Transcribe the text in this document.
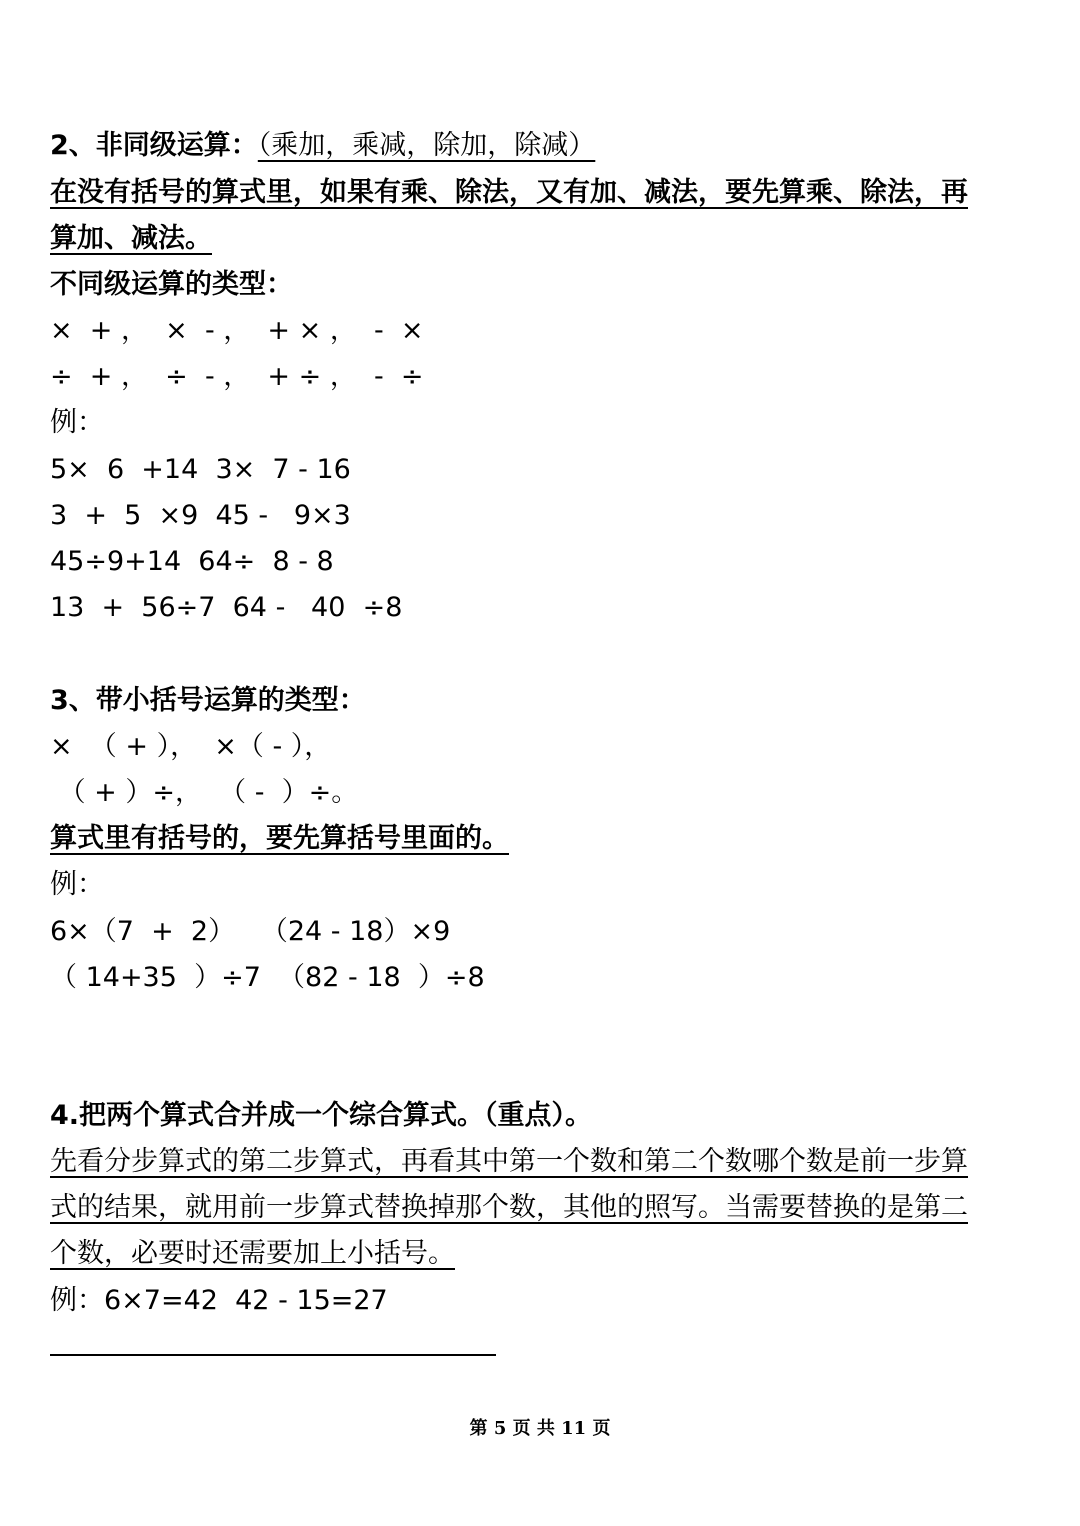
2、非同级运算：（乘加，乘减，除加，除减）
在没有括号的算式里，如果有乘、除法，又有加、减法，要先算乘、除法，再
算加、减法。
不同级运算的类型：
×  + ，  ×  - ，  + × ，  -  ×
÷  + ，  ÷  - ，  + ÷ ，  -  ÷
例：
5×  6  +14  3×  7 - 16
3  +  5  ×9  45 -   9×3
45÷9+14  64÷  8 - 8
13  +  56÷7  64 -   40  ÷8
3、带小括号运算的类型：
×  （ + ），  ×（ - ），
（ + ）÷，  （ -  ）÷。
算式里有括号的，要先算括号里面的。
例：
6×（7  +  2）   （24 - 18）×9
（ 14+35  ）÷7  （82 - 18  ）÷8
4.把两个算式合并成一个综合算式。（重点）。
先看分步算式的第二步算式，再看其中第一个数和第二个数哪个数是前一步算
式的结果，就用前一步算式替换掉那个数，其他的照写。当需要替换的是第二
个数，必要时还需要加上小括号。
例：6×7=42  42 - 15=27
第 5 页 共 11 页
